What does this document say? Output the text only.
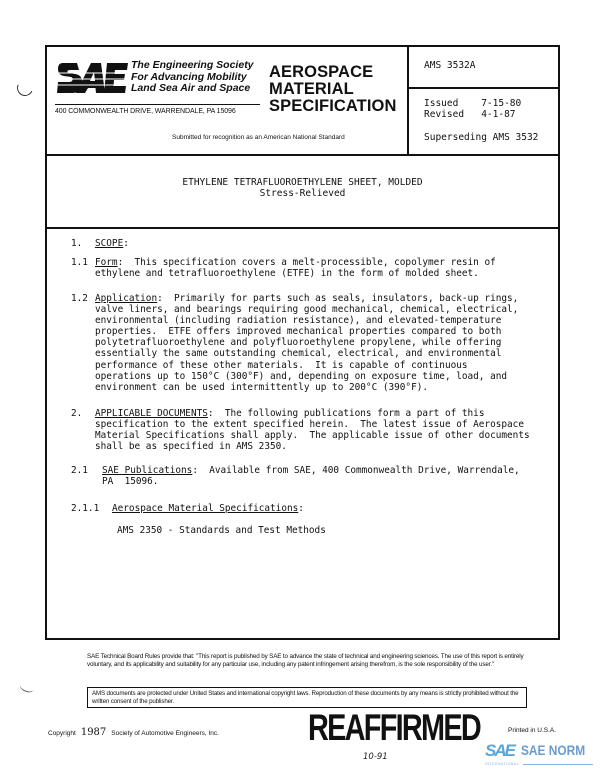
The Engineering Society
For Advancing Mobility
Land Sea Air and Space
400 COMMONWEALTH DRIVE, WARRENDALE, PA 15096
AEROSPACE
MATERIAL
SPECIFICATION
Submitted for recognition as an American National Standard
AMS 3532A
Issued    7-15-80
Revised   4-1-87
Superseding AMS 3532
ETHYLENE TETRAFLUOROETHYLENE SHEET, MOLDED
Stress-Relieved
1. SCOPE:
1.1 Form:  This specification covers a melt-processible, copolymer resin of
ethylene and tetrafluoroethylene (ETFE) in the form of molded sheet.
1.2 Application:  Primarily for parts such as seals, insulators, back-up rings,
valve liners, and bearings requiring good mechanical, chemical, electrical,
environmental (including radiation resistance), and elevated-temperature
properties.  ETFE offers improved mechanical properties compared to both
polytetrafluoroethylene and polyfluoroethylene propylene, while offering
essentially the same outstanding chemical, electrical, and environmental
performance of these other materials.  It is capable of continuous
operations up to 150°C (300°F) and, depending on exposure time, load, and
environment can be used intermittently up to 200°C (390°F).
2. APPLICABLE DOCUMENTS:  The following publications form a part of this
specification to the extent specified herein.  The latest issue of Aerospace
Material Specifications shall apply.  The applicable issue of other documents
shall be as specified in AMS 2350.
2.1 SAE Publications:  Available from SAE, 400 Commonwealth Drive, Warrendale,
PA  15096.
2.1.1 Aerospace Material Specifications:
AMS 2350 - Standards and Test Methods
SAE Technical Board Rules provide that: "This report is published by SAE to advance the state of technical and engineering sciences. The use of this report is entirely voluntary, and its applicability and suitability for any particular use, including any patent infringement arising therefrom, is the sole responsibility of the user."

AMS documents are protected under United States and international copyright laws. Reproduction of these documents by any means is strictly prohibited without the written consent of the publisher.

Copyright 1987 Society of Automotive Engineers, Inc. REAFFIRMED
10-91
Printed in U.S.A.
SAE SAE NORM
INTERNATIONAL
